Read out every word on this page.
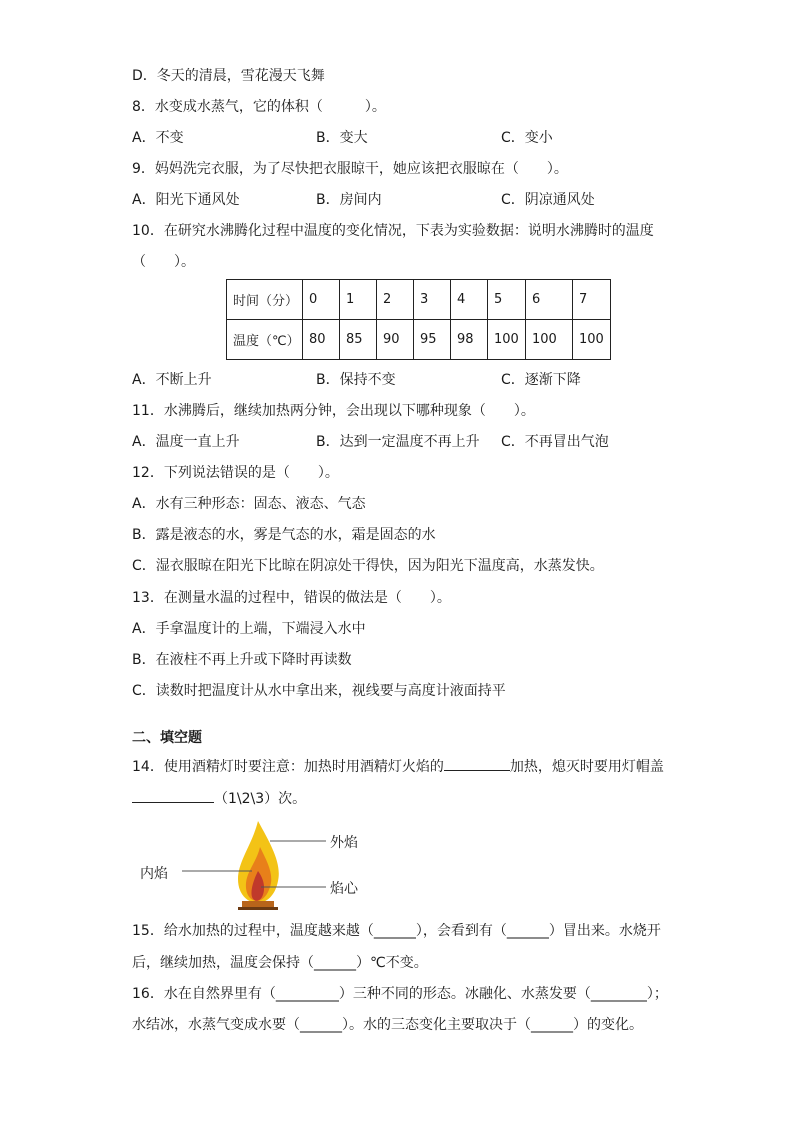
D．冬天的清晨，雪花漫天飞舞
8．水变成水蒸气，它的体积（　　　）。
A．不变	B．变大	C．变小
9．妈妈洗完衣服，为了尽快把衣服晾干，她应该把衣服晾在（　　）。
A．阳光下通风处	B．房间内	C．阴凉通风处
10．在研究水沸腾化过程中温度的变化情况，下表为实验数据：说明水沸腾时的温度
（　　）。
时间（分）	0	1	2	3	4	5	6	7
温度（℃）	80	85	90	95	98	100	100	100
A．不断上升	B．保持不变	C．逐渐下降
11．水沸腾后，继续加热两分钟，会出现以下哪种现象（　　）。
A．温度一直上升	B．达到一定温度不再上升 C．不再冒出气泡
12．下列说法错误的是（　　）。
A．水有三种形态：固态、液态、气态
B．露是液态的水，雾是气态的水，霜是固态的水
C．湿衣服晾在阳光下比晾在阴凉处干得快，因为阳光下温度高，水蒸发快。
13．在测量水温的过程中，错误的做法是（　　）。
A．手拿温度计的上端，下端浸入水中
B．在液柱不再上升或下降时再读数
C．读数时把温度计从水中拿出来，视线要与高度计液面持平
二、填空题
14．使用酒精灯时要注意：加热时用酒精灯火焰的	加热，熄灭时要用灯帽盖
（1\2\3）次。
外焰
内焰
焰心
15．给水加热的过程中，温度越来越（______），会看到有（______）冒出来。水烧开
后，继续加热，温度会保持（______）℃不变。
16．水在自然界里有（_________）三种不同的形态。冰融化、水蒸发要（________）；
水结冰，水蒸气变成水要（______）。水的三态变化主要取决于（______）的变化。
